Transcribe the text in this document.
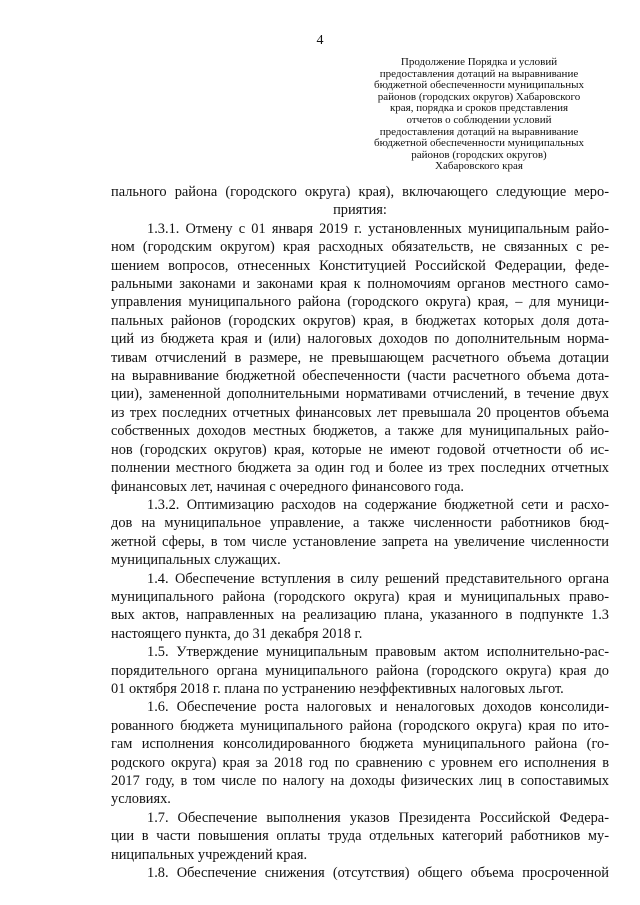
4
Продолжение Порядка и условий
предоставления дотаций на выравнивание
бюджетной обеспеченности муниципальных
районов (городских округов) Хабаровского
края, порядка и сроков представления
отчетов о соблюдении условий
предоставления дотаций на выравнивание
бюджетной обеспеченности муниципальных
районов (городских округов)
Хабаровского края
пального района (городского округа) края), включающего следующие меро-
приятия:
1.3.1. Отмену с 01 января 2019 г. установленных муниципальным райо-
ном (городским округом) края расходных обязательств, не связанных с ре-
шением вопросов, отнесенных Конституцией Российской Федерации, феде-
ральными законами и законами края к полномочиям органов местного само-
управления муниципального района (городского округа) края, – для муници-
пальных районов (городских округов) края, в бюджетах которых доля дота-
ций из бюджета края и (или) налоговых доходов по дополнительным норма-
тивам отчислений в размере, не превышающем расчетного объема дотации
на выравнивание бюджетной обеспеченности (части расчетного объема дота-
ции), замененной дополнительными нормативами отчислений, в течение двух
из трех последних отчетных финансовых лет превышала 20 процентов объема
собственных доходов местных бюджетов, а также для муниципальных райо-
нов (городских округов) края, которые не имеют годовой отчетности об ис-
полнении местного бюджета за один год и более из трех последних отчетных
финансовых лет, начиная с очередного финансового года.
1.3.2. Оптимизацию расходов на содержание бюджетной сети и расхо-
дов на муниципальное управление, а также численности работников бюд-
жетной сферы, в том числе установление запрета на увеличение численности
муниципальных служащих.
1.4. Обеспечение вступления в силу решений представительного органа
муниципального района (городского округа) края и муниципальных право-
вых актов, направленных на реализацию плана, указанного в подпункте 1.3
настоящего пункта, до 31 декабря 2018 г.
1.5. Утверждение муниципальным правовым актом исполнительно-рас-
порядительного органа муниципального района (городского округа) края до
01 октября 2018 г. плана по устранению неэффективных налоговых льгот.
1.6. Обеспечение роста налоговых и неналоговых доходов консолиди-
рованного бюджета муниципального района (городского округа) края по ито-
гам исполнения консолидированного бюджета муниципального района (го-
родского округа) края за 2018 год по сравнению с уровнем его исполнения в
2017 году, в том числе по налогу на доходы физических лиц в сопоставимых
условиях.
1.7. Обеспечение выполнения указов Президента Российской Федера-
ции в части повышения оплаты труда отдельных категорий работников му-
ниципальных учреждений края.
1.8. Обеспечение снижения (отсутствия) общего объема просроченной
